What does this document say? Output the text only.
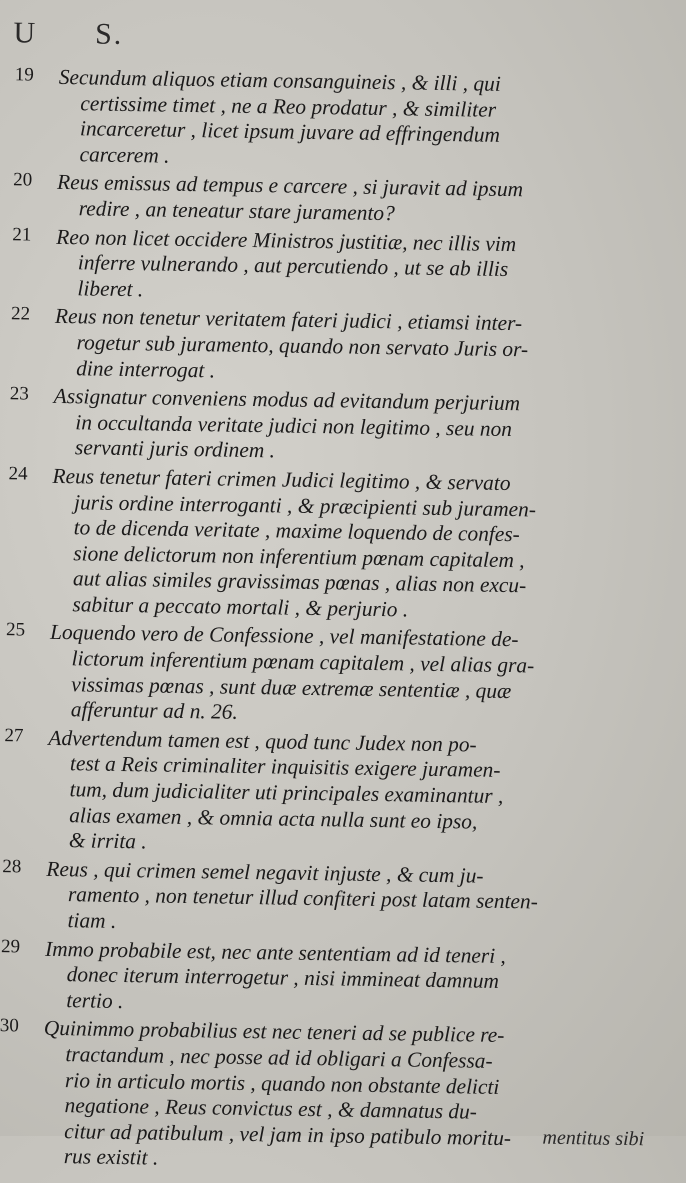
U S.
19	Secundum aliquos etiam consanguineis , & illi , qui
certissime timet , ne a Reo prodatur , & similiter
incarceretur , licet ipsum juvare ad effringendum
carcerem .
20	Reus emissus ad tempus e carcere , si juravit ad ipsum
redire , an teneatur stare juramento?
21	Reo non licet occidere Ministros justitiæ, nec illis vim
inferre vulnerando , aut percutiendo , ut se ab illis
liberet .
22	Reus non tenetur veritatem fateri judici , etiamsi inter-
rogetur sub juramento, quando non servato Juris or-
dine interrogat .
23	Assignatur conveniens modus ad evitandum perjurium
in occultanda veritate judici non legitimo , seu non
servanti juris ordinem .
24	Reus tenetur fateri crimen Judici legitimo , & servato
juris ordine interroganti , & præcipienti sub juramen-
to de dicenda veritate , maxime loquendo de confes-
sione delictorum non inferentium pœnam capitalem ,
aut alias similes gravissimas pœnas , alias non excu-
sabitur a peccato mortali , & perjurio .
25	Loquendo vero de Confessione , vel manifestatione de-
lictorum inferentium pœnam capitalem , vel alias gra-
vissimas pœnas , sunt duæ extremæ sententiæ , quæ
afferuntur ad n. 26.
27	Advertendum tamen est , quod tunc Judex non po-
test a Reis criminaliter inquisitis exigere juramen-
tum, dum judicialiter uti principales examinantur ,
alias examen , & omnia acta nulla sunt eo ipso,
& irrita .
28	Reus , qui crimen semel negavit injuste , & cum ju-
ramento , non tenetur illud confiteri post latam senten-
tiam .
29	Immo probabile est, nec ante sententiam ad id teneri ,
donec iterum interrogetur , nisi immineat damnum
tertio .
30	Quinimmo probabilius est nec teneri ad se publice re-
tractandum , nec posse ad id obligari a Confessa-
rio in articulo mortis , quando non obstante delicti
negatione , Reus convictus est , & damnatus du-
citur ad patibulum , vel jam in ipso patibulo moritu-
rus existit .
mentitus sibi
